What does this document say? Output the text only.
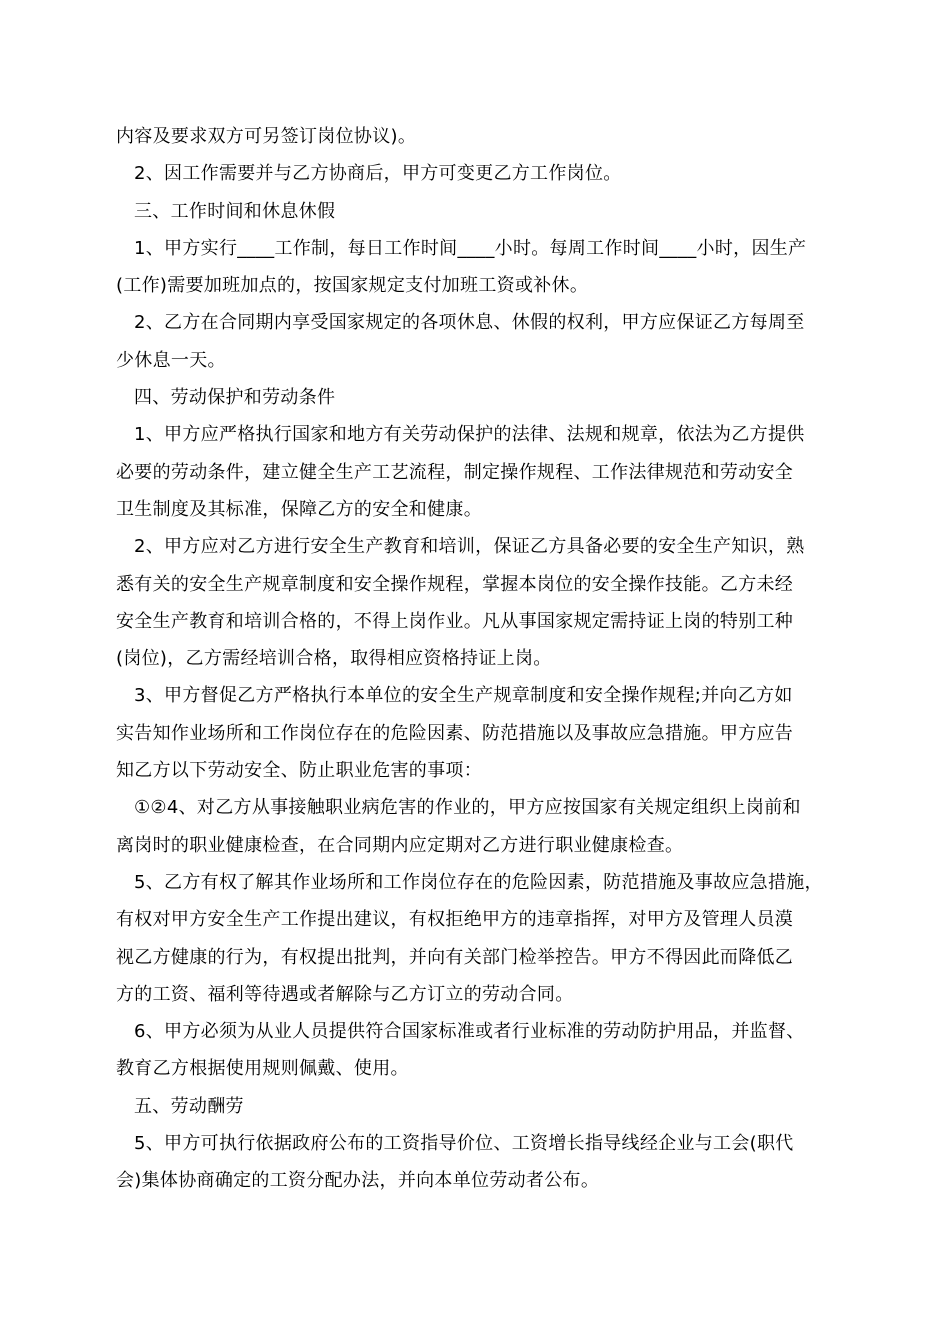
内容及要求双方可另签订岗位协议)。
2、因工作需要并与乙方协商后，甲方可变更乙方工作岗位。
三、工作时间和休息休假
1、甲方实行____工作制，每日工作时间____小时。每周工作时间____小时，因生产
(工作)需要加班加点的，按国家规定支付加班工资或补休。
2、乙方在合同期内享受国家规定的各项休息、休假的权利，甲方应保证乙方每周至
少休息一天。
四、劳动保护和劳动条件
1、甲方应严格执行国家和地方有关劳动保护的法律、法规和规章，依法为乙方提供
必要的劳动条件，建立健全生产工艺流程，制定操作规程、工作法律规范和劳动安全
卫生制度及其标准，保障乙方的安全和健康。
2、甲方应对乙方进行安全生产教育和培训，保证乙方具备必要的安全生产知识，熟
悉有关的安全生产规章制度和安全操作规程，掌握本岗位的安全操作技能。乙方未经
安全生产教育和培训合格的，不得上岗作业。凡从事国家规定需持证上岗的特别工种
(岗位)，乙方需经培训合格，取得相应资格持证上岗。
3、甲方督促乙方严格执行本单位的安全生产规章制度和安全操作规程;并向乙方如
实告知作业场所和工作岗位存在的危险因素、防范措施以及事故应急措施。甲方应告
知乙方以下劳动安全、防止职业危害的事项：
①②4、对乙方从事接触职业病危害的作业的，甲方应按国家有关规定组织上岗前和
离岗时的职业健康检查，在合同期内应定期对乙方进行职业健康检查。
5、乙方有权了解其作业场所和工作岗位存在的危险因素，防范措施及事故应急措施，
有权对甲方安全生产工作提出建议，有权拒绝甲方的违章指挥，对甲方及管理人员漠
视乙方健康的行为，有权提出批判，并向有关部门检举控告。甲方不得因此而降低乙
方的工资、福利等待遇或者解除与乙方订立的劳动合同。
6、甲方必须为从业人员提供符合国家标准或者行业标准的劳动防护用品，并监督、
教育乙方根据使用规则佩戴、使用。
五、劳动酬劳
5、甲方可执行依据政府公布的工资指导价位、工资增长指导线经企业与工会(职代
会)集体协商确定的工资分配办法，并向本单位劳动者公布。
